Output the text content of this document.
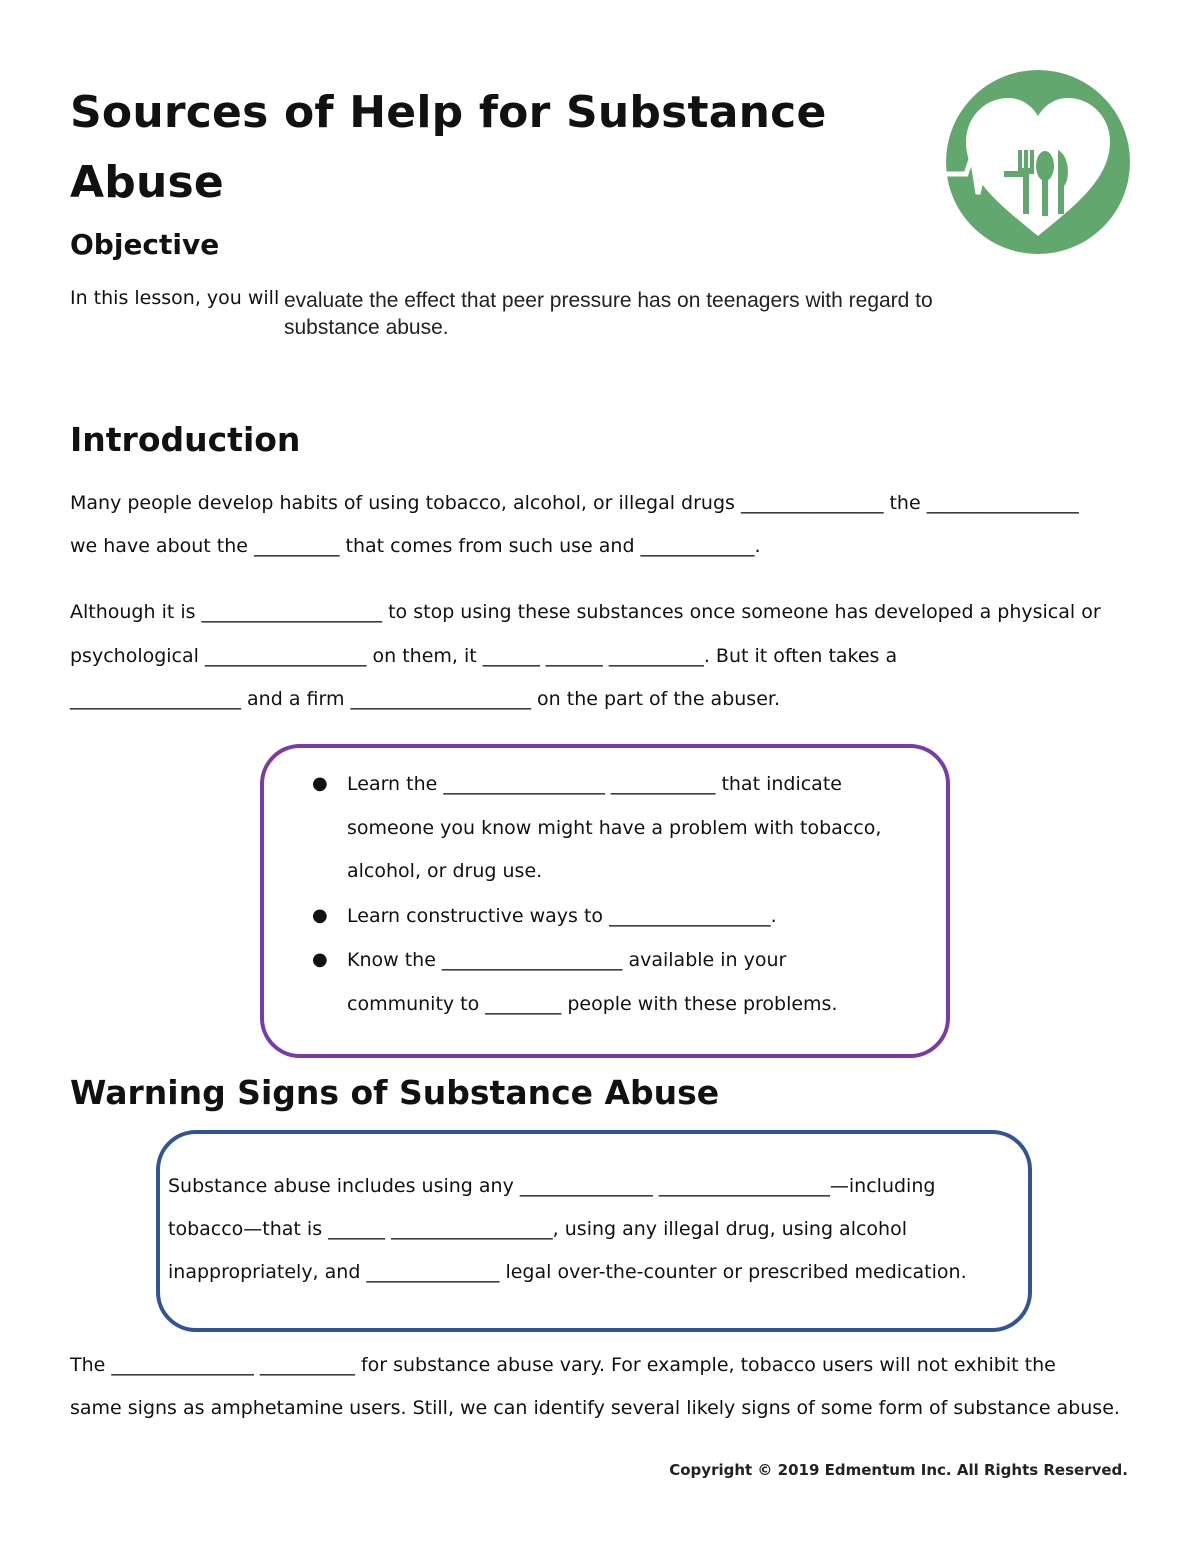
Sources of Help for Substance
Abuse
Objective
In this lesson, you will evaluate the effect that peer pressure has on teenagers with regard to
substance abuse.
Introduction
Many people develop habits of using tobacco, alcohol, or illegal drugs _______________ the ________________
we have about the _________ that comes from such use and ____________.
Although it is ___________________ to stop using these substances once someone has developed a physical or
psychological _________________ on them, it ______ ______ __________. But it often takes a
__________________ and a firm ___________________ on the part of the abuser.
● Learn the _________________ ___________ that indicate
someone you know might have a problem with tobacco,
alcohol, or drug use.
● Learn constructive ways to _________________.
● Know the ___________________ available in your
community to ________ people with these problems.
Warning Signs of Substance Abuse
Substance abuse includes using any ______________ __________________—including
tobacco—that is ______ _________________, using any illegal drug, using alcohol
inappropriately, and ______________ legal over-the-counter or prescribed medication.
The _______________ __________ for substance abuse vary. For example, tobacco users will not exhibit the
same signs as amphetamine users. Still, we can identify several likely signs of some form of substance abuse.
Copyright © 2019 Edmentum Inc. All Rights Reserved.
